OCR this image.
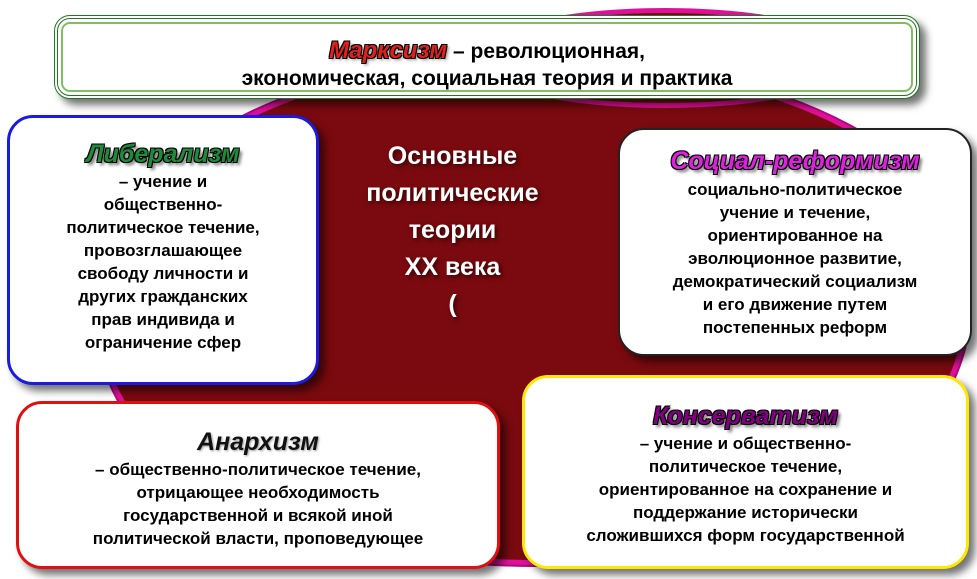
Марксизм – революционная,
экономическая, социальная теория и практика
Основные
политические
теории
XX века
(
Либерализм
– учение и
общественно-
политическое течение,
провозглашающее
свободу личности и
других гражданских
прав индивида и
ограничение сфер
Социал-реформизм
социально-политическое
учение и течение,
ориентированное на
эволюционное развитие,
демократический социализм
и его движение путем
постепенных реформ
Анархизм
– общественно-политическое течение,
отрицающее необходимость
государственной и всякой иной
политической власти, проповедующее
Консерватизм
– учение и общественно-
политическое течение,
ориентированное на сохранение и
поддержание исторически
сложившихся форм государственной
